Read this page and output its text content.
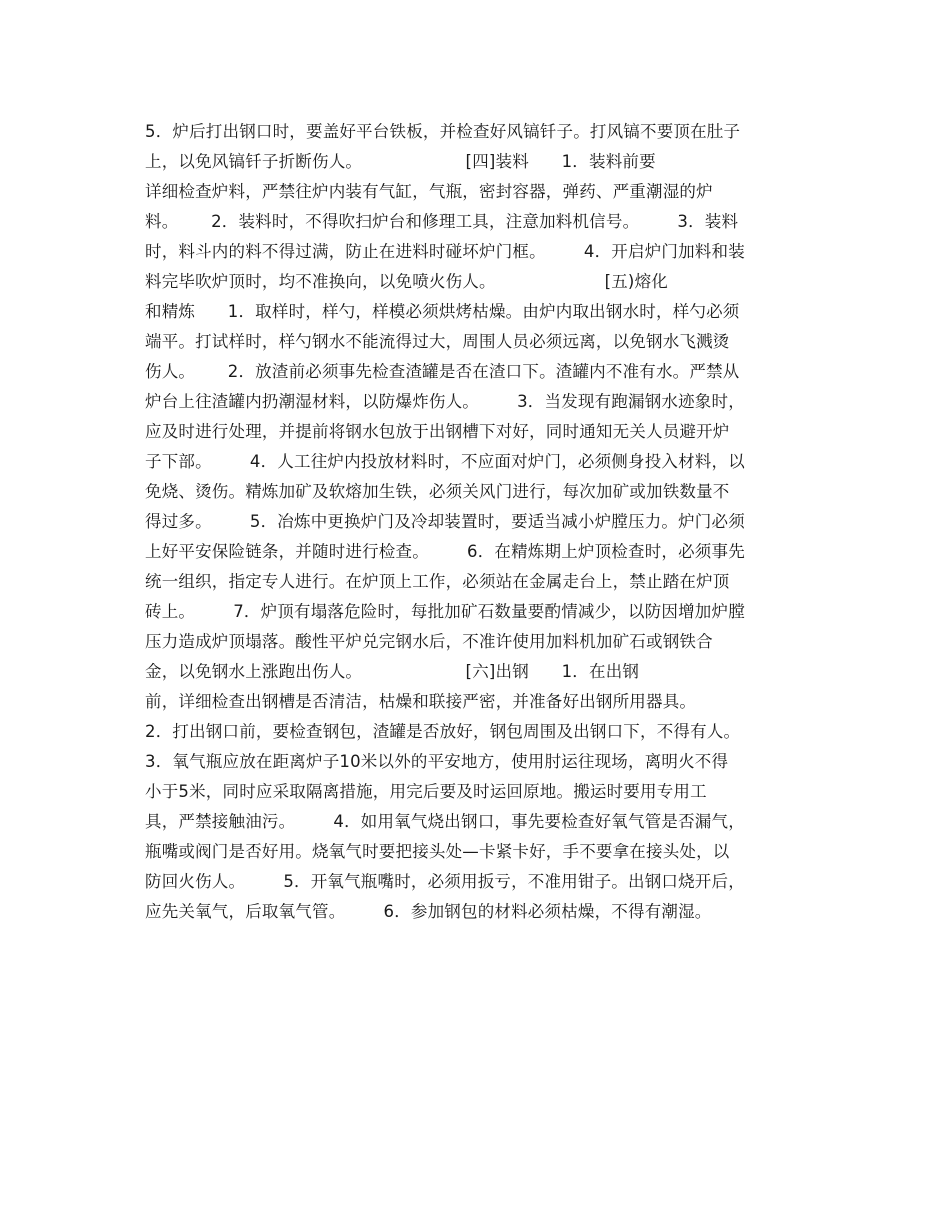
5．炉后打出钢口时，要盖好平台铁板，并检查好风镐钎子。打风镐不要顶在肚子
上，以免风镐钎子折断伤人。                   [四]装料      1．装料前要
详细检查炉料，严禁往炉内装有气缸，气瓶，密封容器，弹药、严重潮湿的炉
料。      2．装料时，不得吹扫炉台和修理工具，注意加料机信号。       3．装料
时，料斗内的料不得过满，防止在进料时碰坏炉门框。       4．开启炉门加料和装
料完毕吹炉顶时，均不准换向，以免喷火伤人。                    [五)熔化
和精炼      1．取样时，样勺，样模必须烘烤枯燥。由炉内取出钢水时，样勺必须
端平。打试样时，样勺钢水不能流得过大，周围人员必须远离，以免钢水飞溅烫
伤人。      2．放渣前必须事先检查渣罐是否在渣口下。渣罐内不准有水。严禁从
炉台上往渣罐内扔潮湿材料，以防爆炸伤人。       3．当发现有跑漏钢水迹象时，
应及时进行处理，并提前将钢水包放于出钢槽下对好，同时通知无关人员避开炉
子下部。       4．人工往炉内投放材料时，不应面对炉门，必须侧身投入材料，以
免烧、烫伤。精炼加矿及软熔加生铁，必须关风门进行，每次加矿或加铁数量不
得过多。       5．冶炼中更换炉门及冷却装置时，要适当减小炉膛压力。炉门必须
上好平安保险链条，并随时进行检查。       6．在精炼期上炉顶检查时，必须事先
统一组织，指定专人进行。在炉顶上工作，必须站在金属走台上，禁止踏在炉顶
砖上。       7．炉顶有塌落危险时，每批加矿石数量要酌情减少，以防因增加炉膛
压力造成炉顶塌落。酸性平炉兑完钢水后，不准许使用加料机加矿石或钢铁合
金，以免钢水上涨跑出伤人。                   [六]出钢      1．在出钢
前，详细检查出钢槽是否清洁，枯燥和联接严密，并准备好出钢所用器具。
2．打出钢口前，要检查钢包，渣罐是否放好，钢包周围及出钢口下，不得有人。
3．氧气瓶应放在距离炉子10米以外的平安地方，使用肘运往现场，离明火不得
小于5米，同时应采取隔离措施，用完后要及时运回原地。搬运时要用专用工
具，严禁接触油污。       4．如用氧气烧出钢口，事先要检查好氧气管是否漏气，
瓶嘴或阀门是否好用。烧氧气时要把接头处—卡紧卡好，手不要拿在接头处，以
防回火伤人。       5．开氧气瓶嘴时，必须用扳亏，不准用钳子。出钢口烧开后，
应先关氧气，后取氧气管。       6．参加钢包的材料必须枯燥，不得有潮湿。
